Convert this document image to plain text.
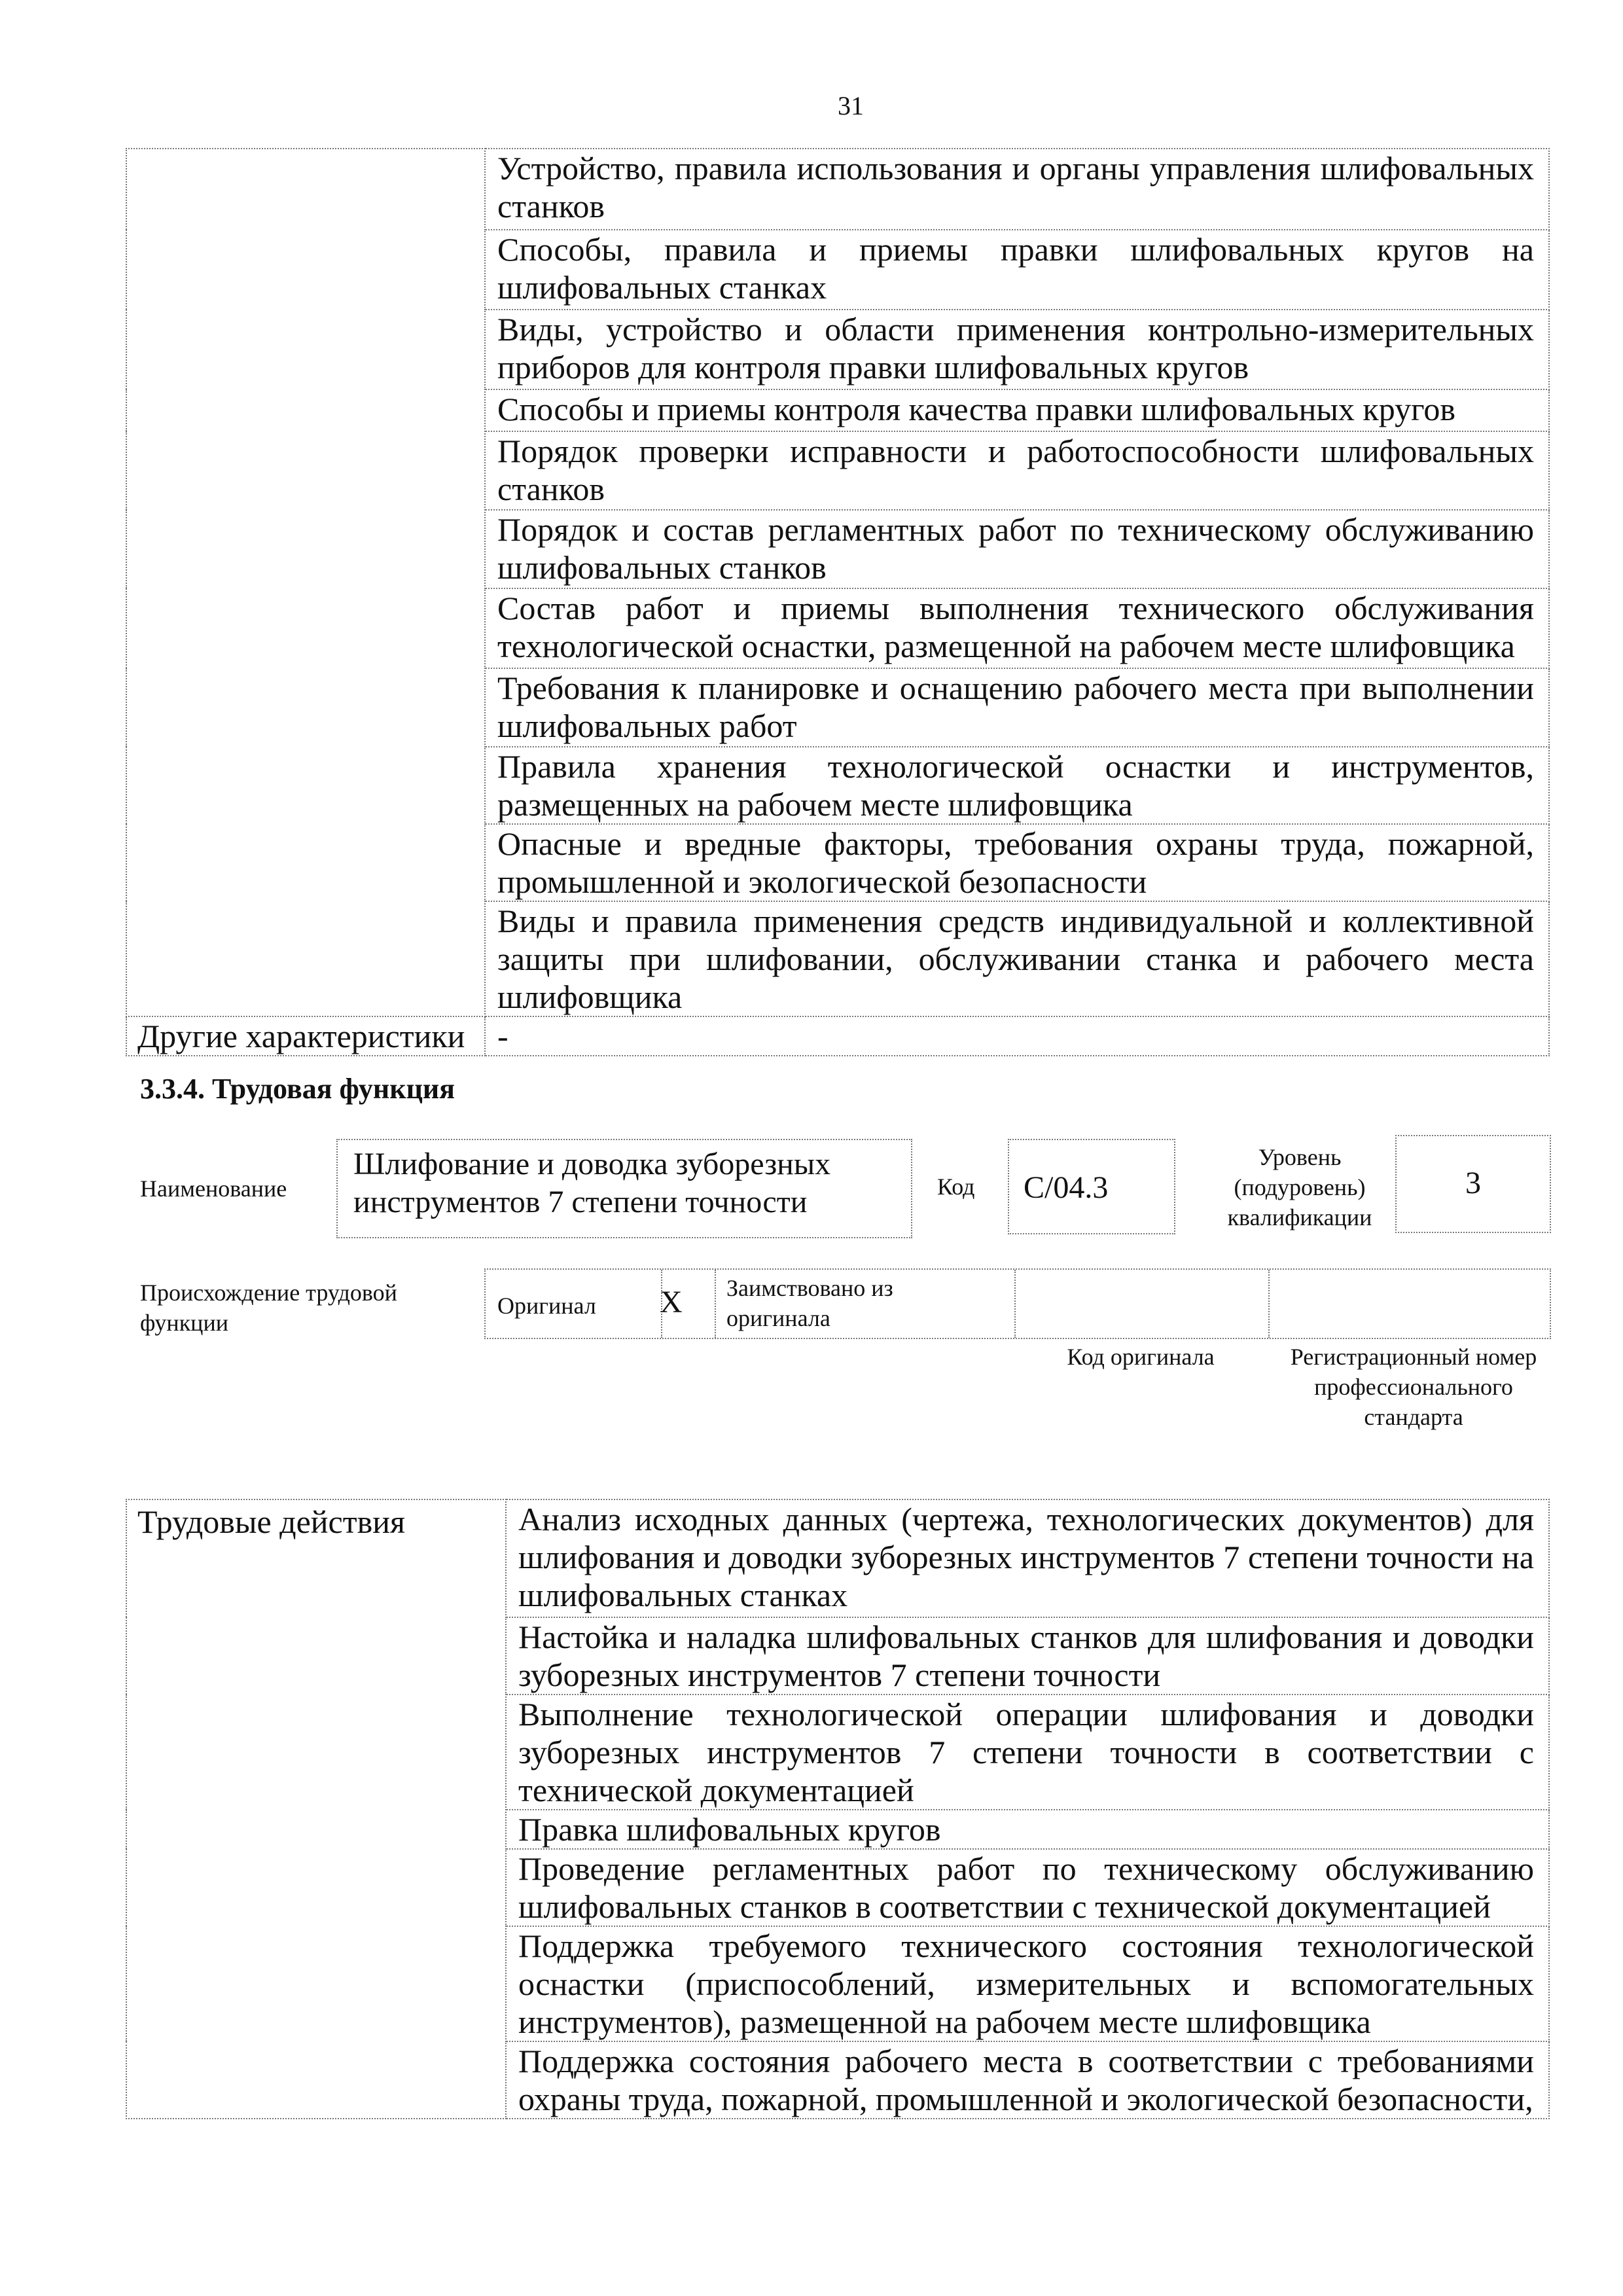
31
	Устройство, правила использования и органы управления шлифовальных станков
	Способы, правила и приемы правки шлифовальных кругов на шлифовальных станках
	Виды, устройство и области применения контрольно-измерительных приборов для контроля правки шлифовальных кругов
	Способы и приемы контроля качества правки шлифовальных кругов
	Порядок проверки исправности и работоспособности шлифовальных станков
	Порядок и состав регламентных работ по техническому обслуживанию шлифовальных станков
	Состав работ и приемы выполнения технического обслуживания технологической оснастки, размещенной на рабочем месте шлифовщика
	Требования к планировке и оснащению рабочего места при выполнении шлифовальных работ
	Правила хранения технологической оснастки и инструментов, размещенных на рабочем месте шлифовщика
	Опасные и вредные факторы, требования охраны труда, пожарной, промышленной и экологической безопасности
	Виды и правила применения средств индивидуальной и коллективной защиты при шлифовании, обслуживании станка и рабочего места шлифовщика
Другие характеристики	-
3.3.4. Трудовая функция
Наименование
Шлифование и доводка зуборезных инструментов 7 степени точности	Код	C/04.3
Уровень (подуровень) квалификации
3
Происхождение трудовой функции
Оригинал X Заимствовано из оригинала
Код оригинала	Регистрационный номер профессионального стандарта
Трудовые действия	Анализ исходных данных (чертежа, технологических документов) для шлифования и доводки зуборезных инструментов 7 степени точности на шлифовальных станках
Настойка и наладка шлифовальных станков для шлифования и доводки зуборезных инструментов 7 степени точности
Выполнение технологической операции шлифования и доводки зуборезных инструментов 7 степени точности в соответствии с технической документацией
Правка шлифовальных кругов
Проведение регламентных работ по техническому обслуживанию шлифовальных станков в соответствии с технической документацией
Поддержка требуемого технического состояния технологической оснастки (приспособлений, измерительных и вспомогательных инструментов), размещенной на рабочем месте шлифовщика
Поддержка состояния рабочего места в соответствии с требованиями охраны труда, пожарной, промышленной и экологической безопасности,
